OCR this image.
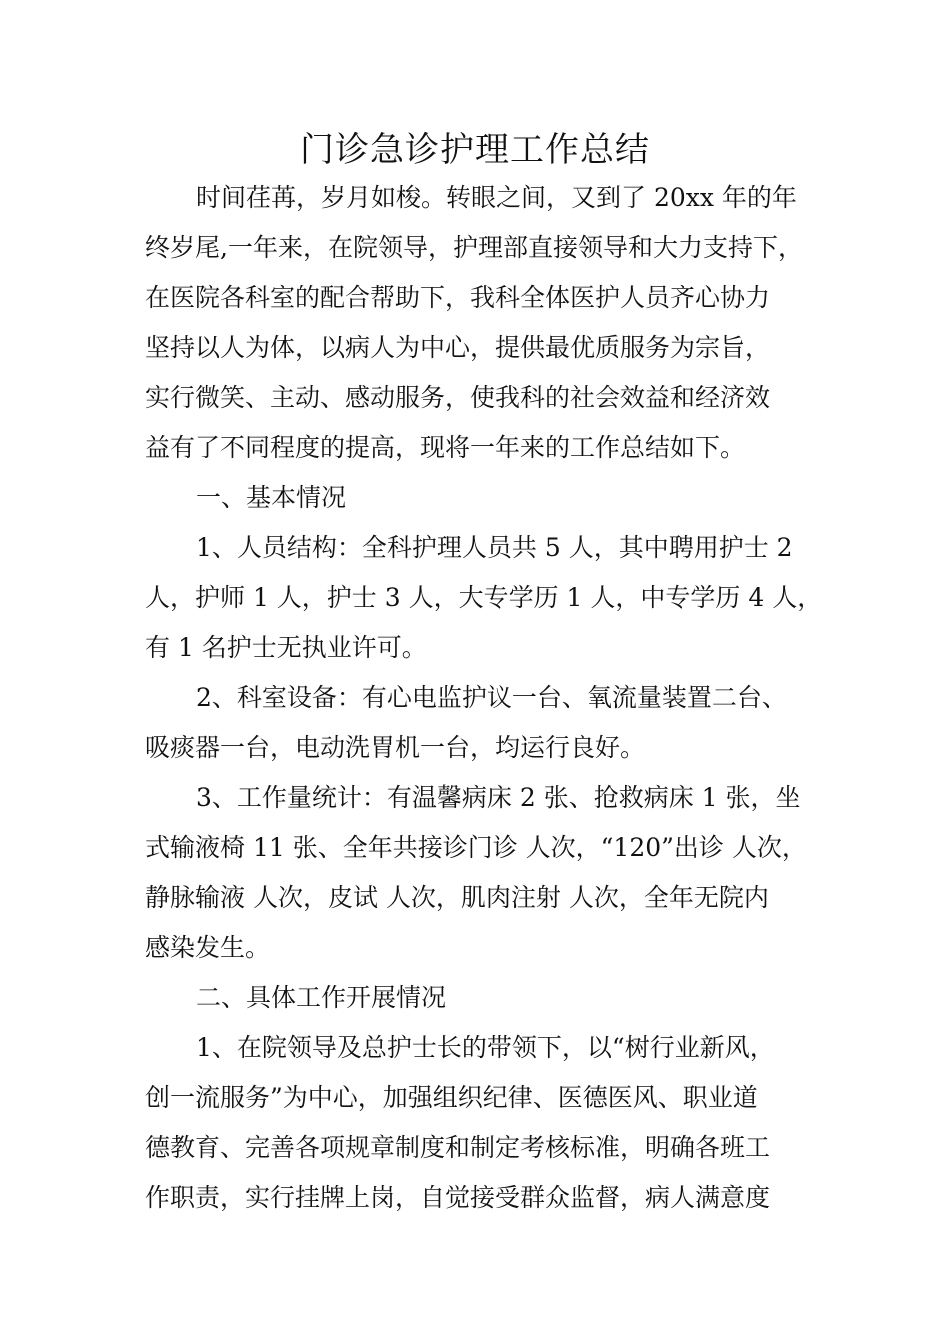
门诊急诊护理工作总结
时间荏苒，岁月如梭。转眼之间，又到了 20xx 年的年
终岁尾,一年来，在院领导，护理部直接领导和大力支持下，
在医院各科室的配合帮助下，我科全体医护人员齐心协力
坚持以人为体，以病人为中心，提供最优质服务为宗旨，
实行微笑、主动、感动服务，使我科的社会效益和经济效
益有了不同程度的提高，现将一年来的工作总结如下。
一、基本情况
1、人员结构：全科护理人员共 5 人，其中聘用护士 2
人，护师 1 人，护士 3 人，大专学历 1 人，中专学历 4 人，
有 1 名护士无执业许可。
2、科室设备：有心电监护议一台、氧流量装置二台、
吸痰器一台，电动洗胃机一台，均运行良好。
3、工作量统计：有温馨病床 2 张、抢救病床 1 张，坐
式输液椅 11 张、全年共接诊门诊 人次，“120”出诊 人次，
静脉输液 人次，皮试 人次，肌肉注射 人次，全年无院内
感染发生。
二、具体工作开展情况
1、在院领导及总护士长的带领下，以“树行业新风，
创一流服务”为中心，加强组织纪律、医德医风、职业道
德教育、完善各项规章制度和制定考核标准，明确各班工
作职责，实行挂牌上岗，自觉接受群众监督，病人满意度
